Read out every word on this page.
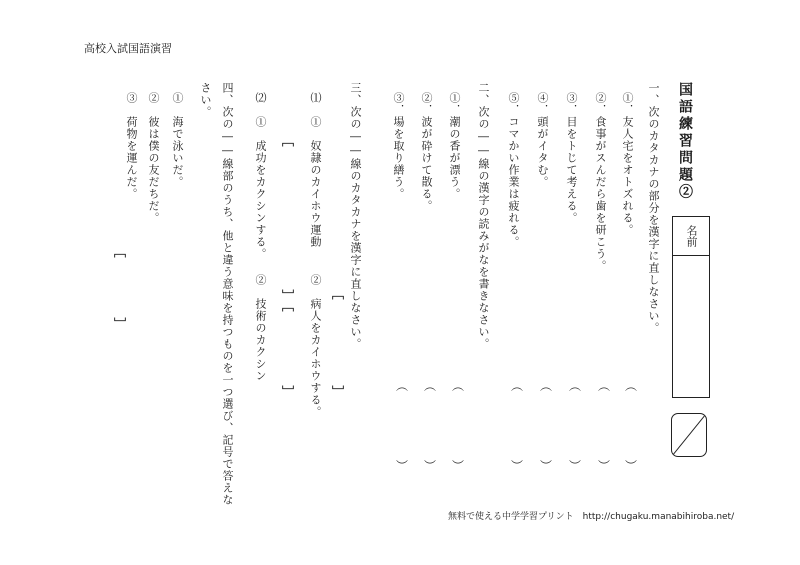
高校入試国語演習
国語練習問題②
名前
一、次のカタカナの部分を漢字に直しなさい。
①．友人宅をオトズれる。
②．食事がスんだら歯を研こう。
③．目をトじて考える。
④．頭がイタむ。
⑤．コマかい作業は疲れる。
二、次の――線の漢字の読みがなを書きなさい。
①．潮の香が漂う。
②．波が砕けて散る。
③．場を取り繕う。
︵
︶
︵
︶
︵
︶
︵
︶
︵
︶
︵
︶
︵
︶
︵
︶
三、次の――線のカタカナを漢字に直しなさい。
⑴　①　奴隷のカイホウ運動
②　病人をカイホウする。
⑵　①　成功をカクシンする。
②　技術のカクシン	﹇
﹈
﹇
﹈
﹇
﹈
四、次の――線部のうち、他と違う意味を持つものを一つ選び、記号で答えな
さい。
①　海で泳いだ。
②　彼は僕の友だちだ。
③　荷物を運んだ。
﹇
﹈
無料で使える中学学習プリント　http://chugaku.manabihiroba.net/
